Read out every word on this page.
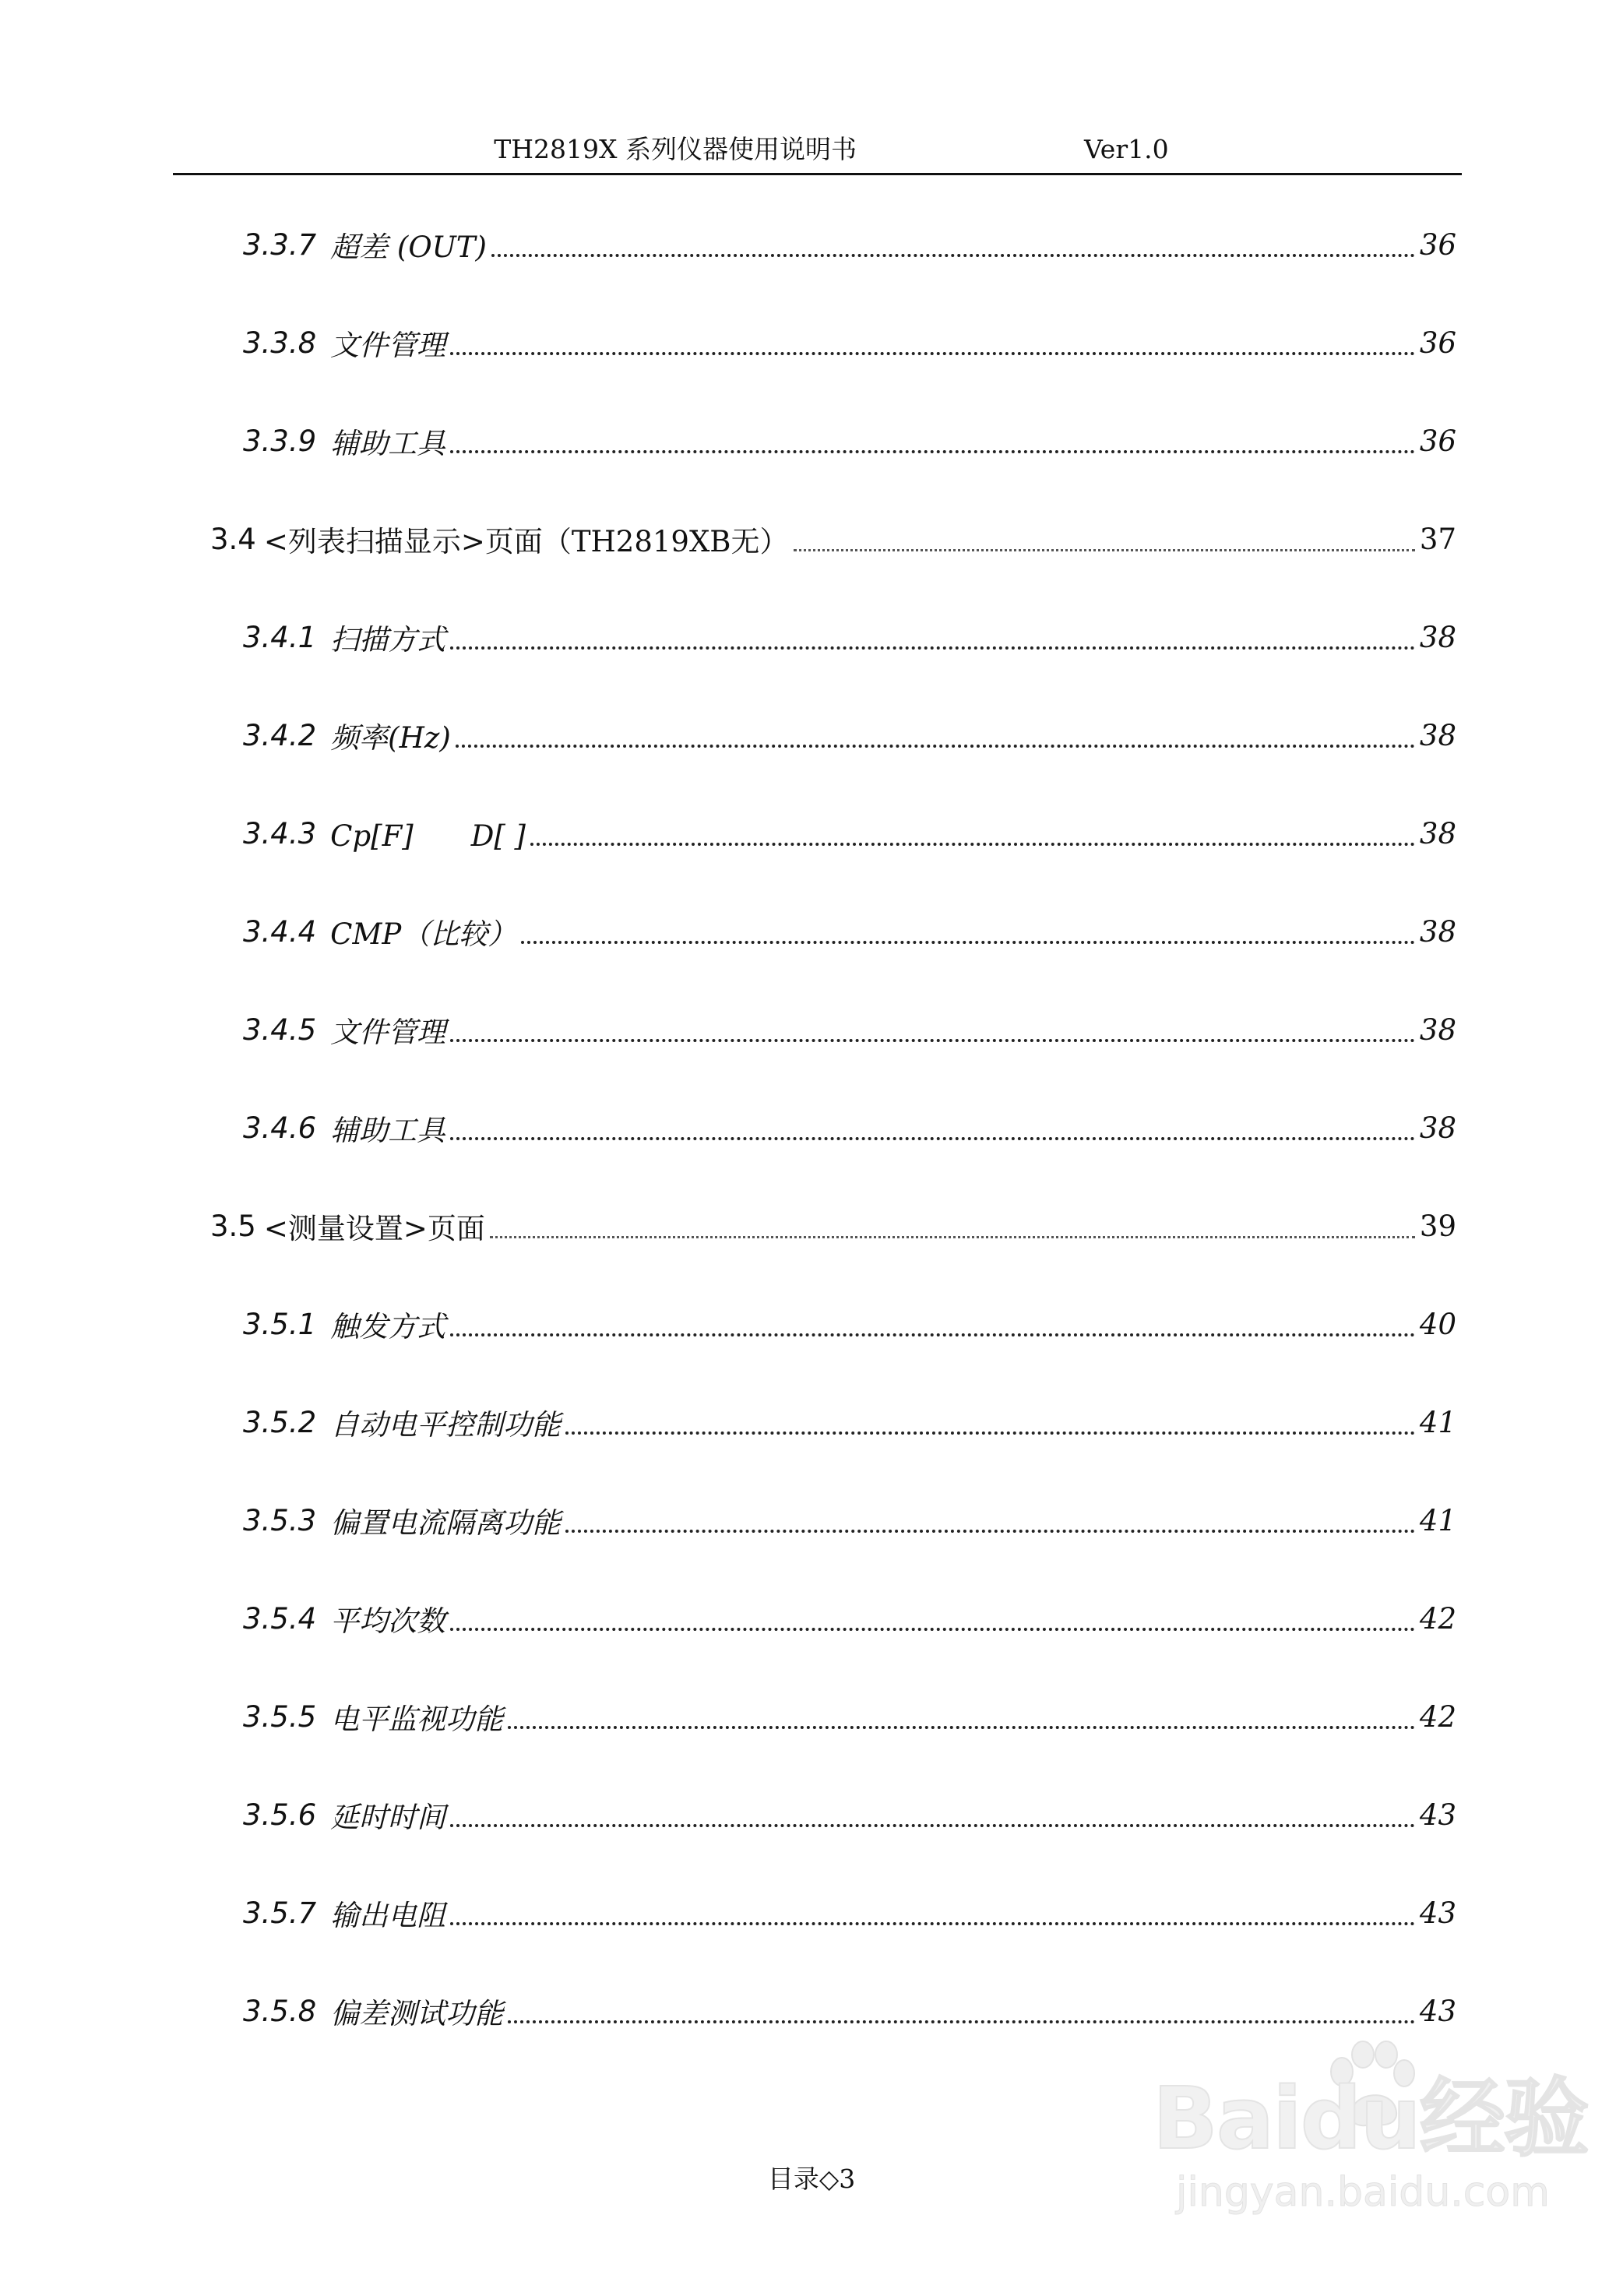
TH2819X 系列仪器使用说明书	Ver1.0
3.3.7 超差 (OUT)	36
3.3.8 文件管理	36
3.3.9 辅助工具	36
3.4 <列表扫描显示>页面（TH2819XB无）	37
3.4.1 扫描方式	38
3.4.2 频率(Hz)	38
3.4.3 Cp[F]　　D[ ]	38
3.4.4 CMP（比较）	38
3.4.5 文件管理	38
3.4.6 辅助工具	38
3.5 <测量设置>页面	39
3.5.1 触发方式	40
3.5.2 自动电平控制功能	41
3.5.3 偏置电流隔离功能	41
3.5.4 平均次数	42
3.5.5 电平监视功能	42
3.5.6 延时时间	43
3.5.7 输出电阻	43
3.5.8 偏差测试功能	43
目录◇3
Baidu经验
jingyan.baidu.com
